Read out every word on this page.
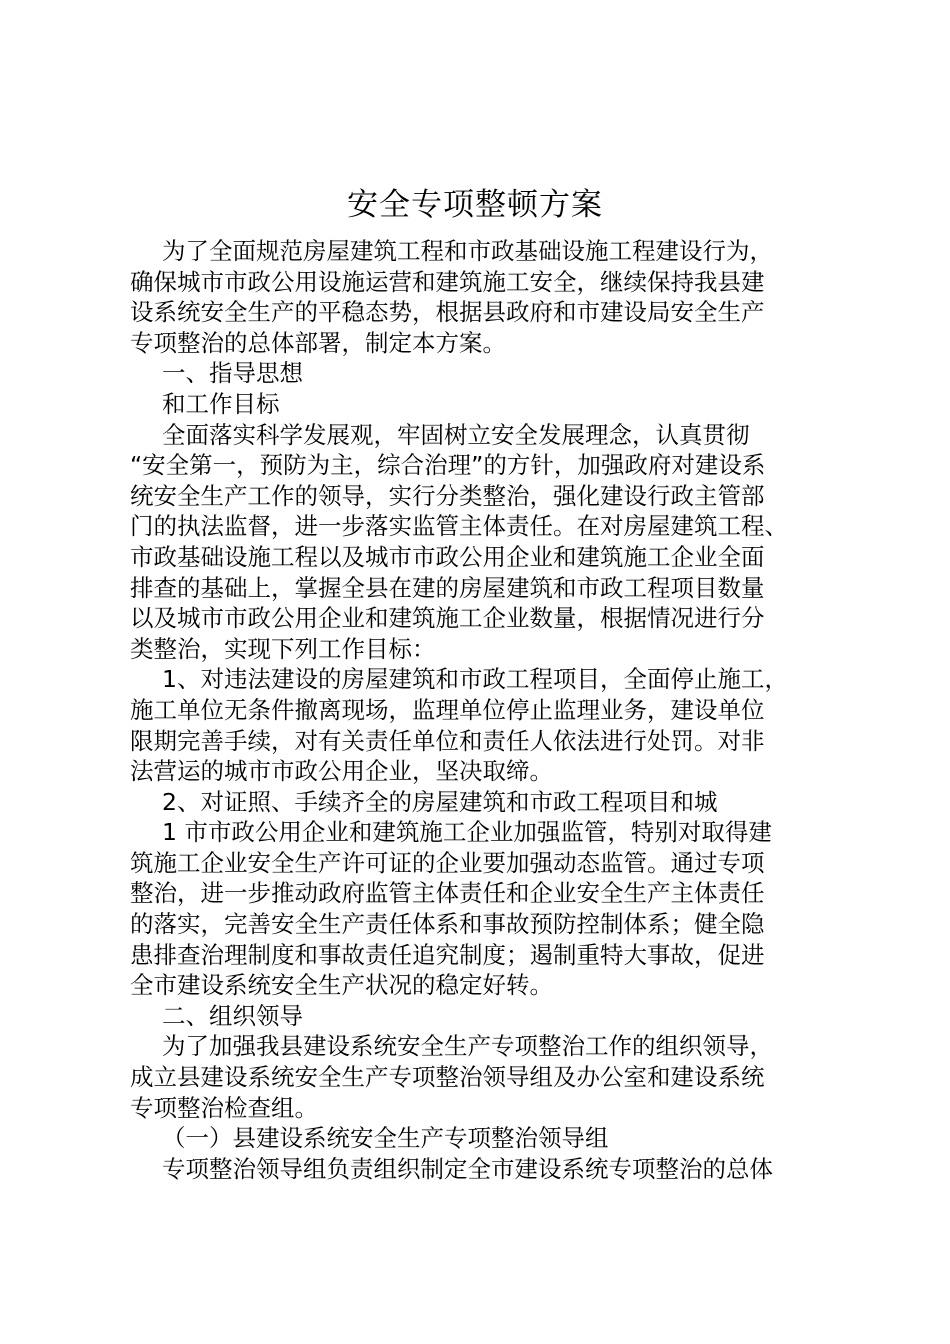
安全专项整顿方案
为了全面规范房屋建筑工程和市政基础设施工程建设行为，
确保城市市政公用设施运营和建筑施工安全，继续保持我县建
设系统安全生产的平稳态势，根据县政府和市建设局安全生产
专项整治的总体部署，制定本方案。
一、指导思想
和工作目标
全面落实科学发展观，牢固树立安全发展理念，认真贯彻
“安全第一，预防为主，综合治理”的方针，加强政府对建设系
统安全生产工作的领导，实行分类整治，强化建设行政主管部
门的执法监督，进一步落实监管主体责任。在对房屋建筑工程、
市政基础设施工程以及城市市政公用企业和建筑施工企业全面
排查的基础上，掌握全县在建的房屋建筑和市政工程项目数量
以及城市市政公用企业和建筑施工企业数量，根据情况进行分
类整治，实现下列工作目标：
1、对违法建设的房屋建筑和市政工程项目，全面停止施工，
施工单位无条件撤离现场，监理单位停止监理业务，建设单位
限期完善手续，对有关责任单位和责任人依法进行处罚。对非
法营运的城市市政公用企业，坚决取缔。
2、对证照、手续齐全的房屋建筑和市政工程项目和城
1 市市政公用企业和建筑施工企业加强监管，特别对取得建
筑施工企业安全生产许可证的企业要加强动态监管。通过专项
整治，进一步推动政府监管主体责任和企业安全生产主体责任
的落实，完善安全生产责任体系和事故预防控制体系；健全隐
患排查治理制度和事故责任追究制度；遏制重特大事故，促进
全市建设系统安全生产状况的稳定好转。
二、组织领导
为了加强我县建设系统安全生产专项整治工作的组织领导，
成立县建设系统安全生产专项整治领导组及办公室和建设系统
专项整治检查组。
（一）县建设系统安全生产专项整治领导组
专项整治领导组负责组织制定全市建设系统专项整治的总体
